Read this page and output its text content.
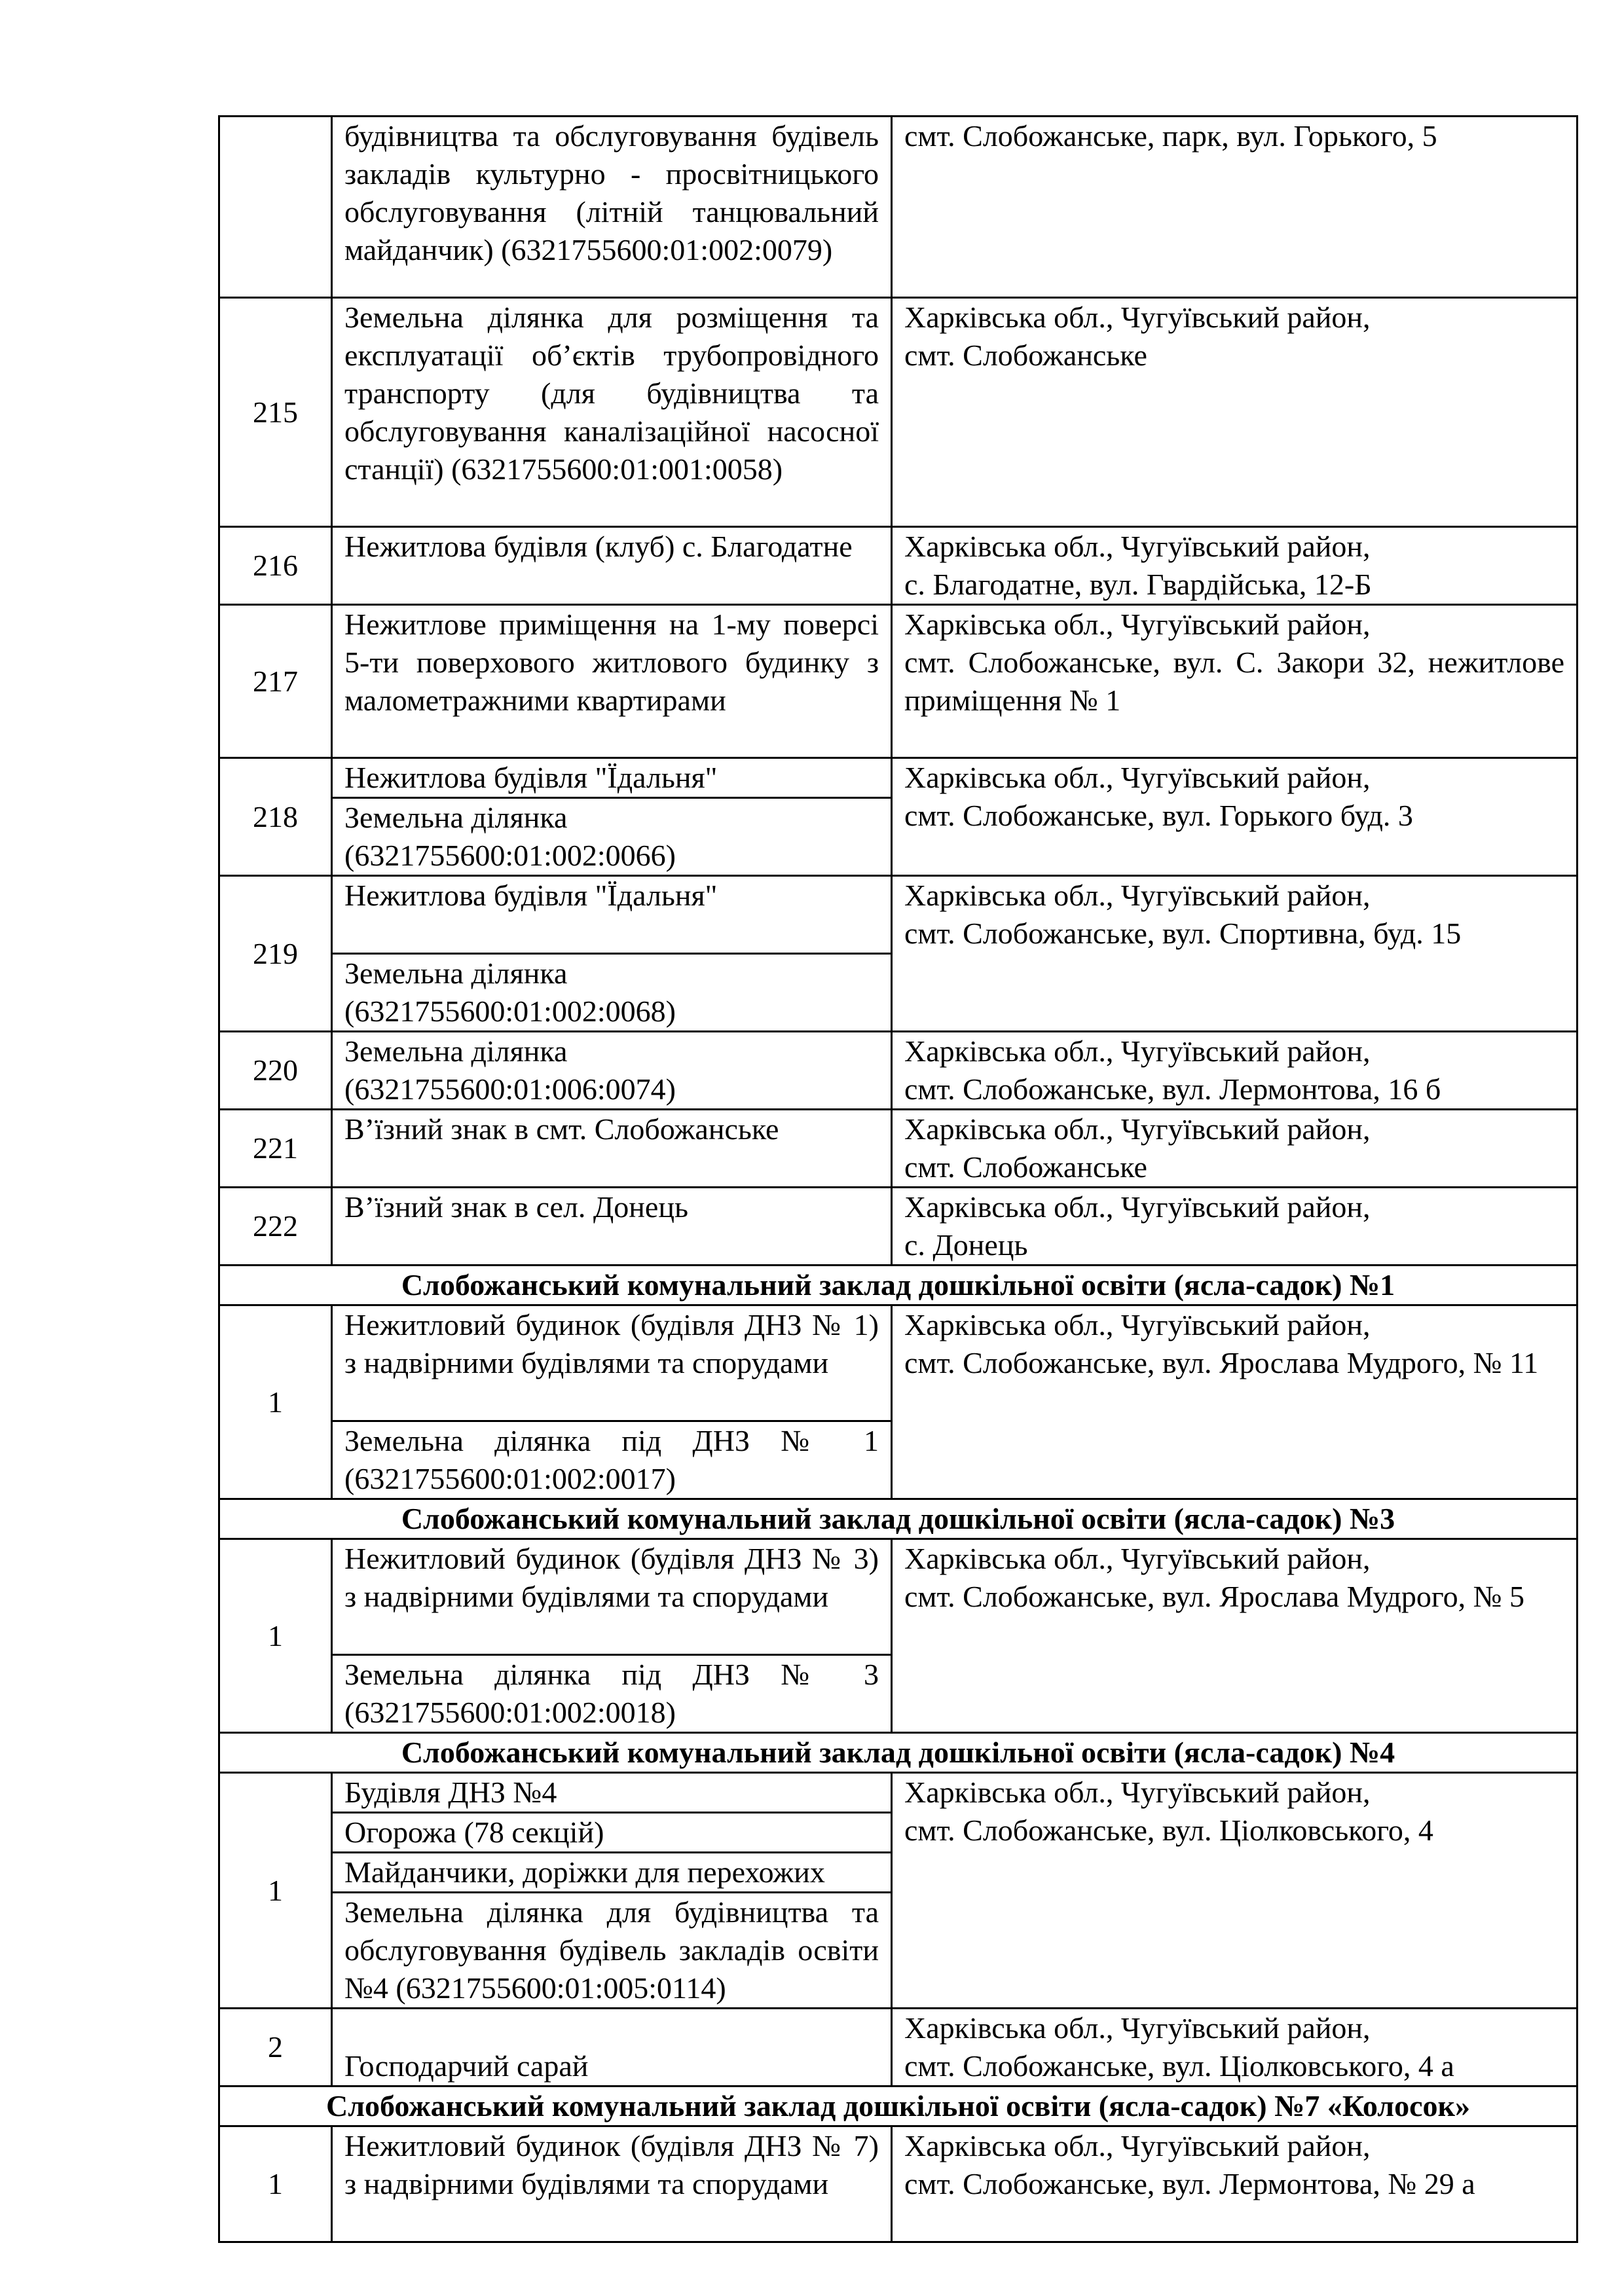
	будівництва та обслуговування будівель закладів культурно - просвітницького обслуговування (літній танцювальний майданчик) (6321755600:01:002:0079)	смт. Слобожанське, парк, вул. Горького, 5
215	Земельна ділянка для розміщення та експлуатації об’єктів трубопровідного транспорту (для будівництва та обслуговування каналізаційної насосної станції) (6321755600:01:001:0058)	Харківська обл., Чугуївський район,
смт. Слобожанське

216	Нежитлова будівля (клуб) с. Благодатне	Харківська обл., Чугуївський район,
с. Благодатне, вул. Гвардійська, 12-Б

217	Нежитлове приміщення на 1-му поверсі 5-ти поверхового житлового будинку з малометражними квартирами	Харківська обл., Чугуївський район,
смт. Слобожанське, вул. С. Закори 32, нежитлове приміщення № 1

218	Нежитлова будівля "Їдальня"	Харківська обл., Чугуївський район,
смт. Слобожанське, вул. Горького буд. 3

	Земельна ділянка (6321755600:01:002:0066)	
219	Нежитлова будівля "Їдальня"	Харківська обл., Чугуївський район,
смт. Слобожанське, вул. Спортивна, буд. 15

	Земельна ділянка (6321755600:01:002:0068)	
220	Земельна ділянка (6321755600:01:006:0074)	Харківська обл., Чугуївський район,
смт. Слобожанське, вул. Лермонтова, 16 б

221	В’їзний знак в смт. Слобожанське	Харківська обл., Чугуївський район,
смт. Слобожанське

222	В’їзний знак в сел. Донець	Харківська обл., Чугуївський район,
с. Донець

Слобожанський комунальний заклад дошкільної освіти (ясла-садок) №1		
1	Нежитловий будинок (будівля ДНЗ № 1) з надвірними будівлями та спорудами	Харківська обл., Чугуївський район,
смт. Слобожанське, вул. Ярослава Мудрого, № 11

	Земельна ділянка під ДНЗ № 1 (6321755600:01:002:0017)	
Слобожанський комунальний заклад дошкільної освіти (ясла-садок) №3		
1	Нежитловий будинок (будівля ДНЗ № 3) з надвірними будівлями та спорудами	Харківська обл., Чугуївський район,
смт. Слобожанське, вул. Ярослава Мудрого, № 5

	Земельна ділянка під ДНЗ № 3 (6321755600:01:002:0018)	
Слобожанський комунальний заклад дошкільної освіти (ясла-садок) №4		
1	Будівля ДНЗ №4	Харківська обл., Чугуївський район,
смт. Слобожанське, вул. Ціолковського, 4

	Огорожа (78 секцій)	
	Майданчики, доріжки для перехожих	
	Земельна ділянка для будівництва та обслуговування будівель закладів освіти №4 (6321755600:01:005:0114)	
2	Господарчий сарай	Харківська обл., Чугуївський район,
смт. Слобожанське, вул. Ціолковського, 4 а

Слобожанський комунальний заклад дошкільної освіти (ясла-садок) №7 «Колосок»		
1	Нежитловий будинок (будівля ДНЗ № 7) з надвірними будівлями та спорудами	Харківська обл., Чугуївський район,
смт. Слобожанське, вул. Лермонтова, № 29 а
